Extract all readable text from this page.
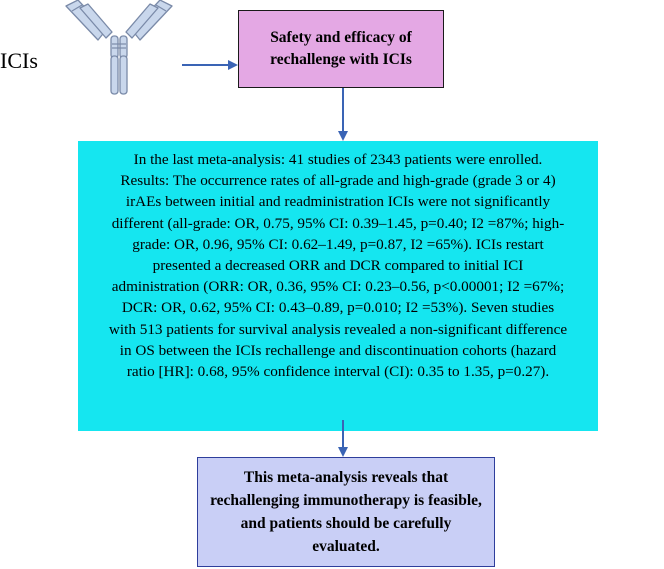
ICIs
Safety and efficacy of rechallenge with ICIs

In the last meta-analysis: 41 studies of 2343 patients were enrolled.

Results: The occurrence rates of all-grade and high-grade (grade 3 or 4)

irAEs between initial and readministration ICIs were not significantly

different (all-grade: OR, 0.75, 95% CI: 0.39–1.45, p=0.40; I2 =87%; high-

grade: OR, 0.96, 95% CI: 0.62–1.49, p=0.87, I2 =65%). ICIs restart

presented a decreased ORR and DCR compared to initial ICI

administration (ORR: OR, 0.36, 95% CI: 0.23–0.56, p<0.00001; I2 =67%;

DCR: OR, 0.62, 95% CI: 0.43–0.89, p=0.010; I2 =53%). Seven studies

with 513 patients for survival analysis revealed a non-significant difference

in OS between the ICIs rechallenge and discontinuation cohorts (hazard

ratio [HR]: 0.68, 95% confidence interval (CI): 0.35 to 1.35, p=0.27).

This meta-analysis reveals that rechallenging immunotherapy is feasible, and patients should be carefully evaluated.
